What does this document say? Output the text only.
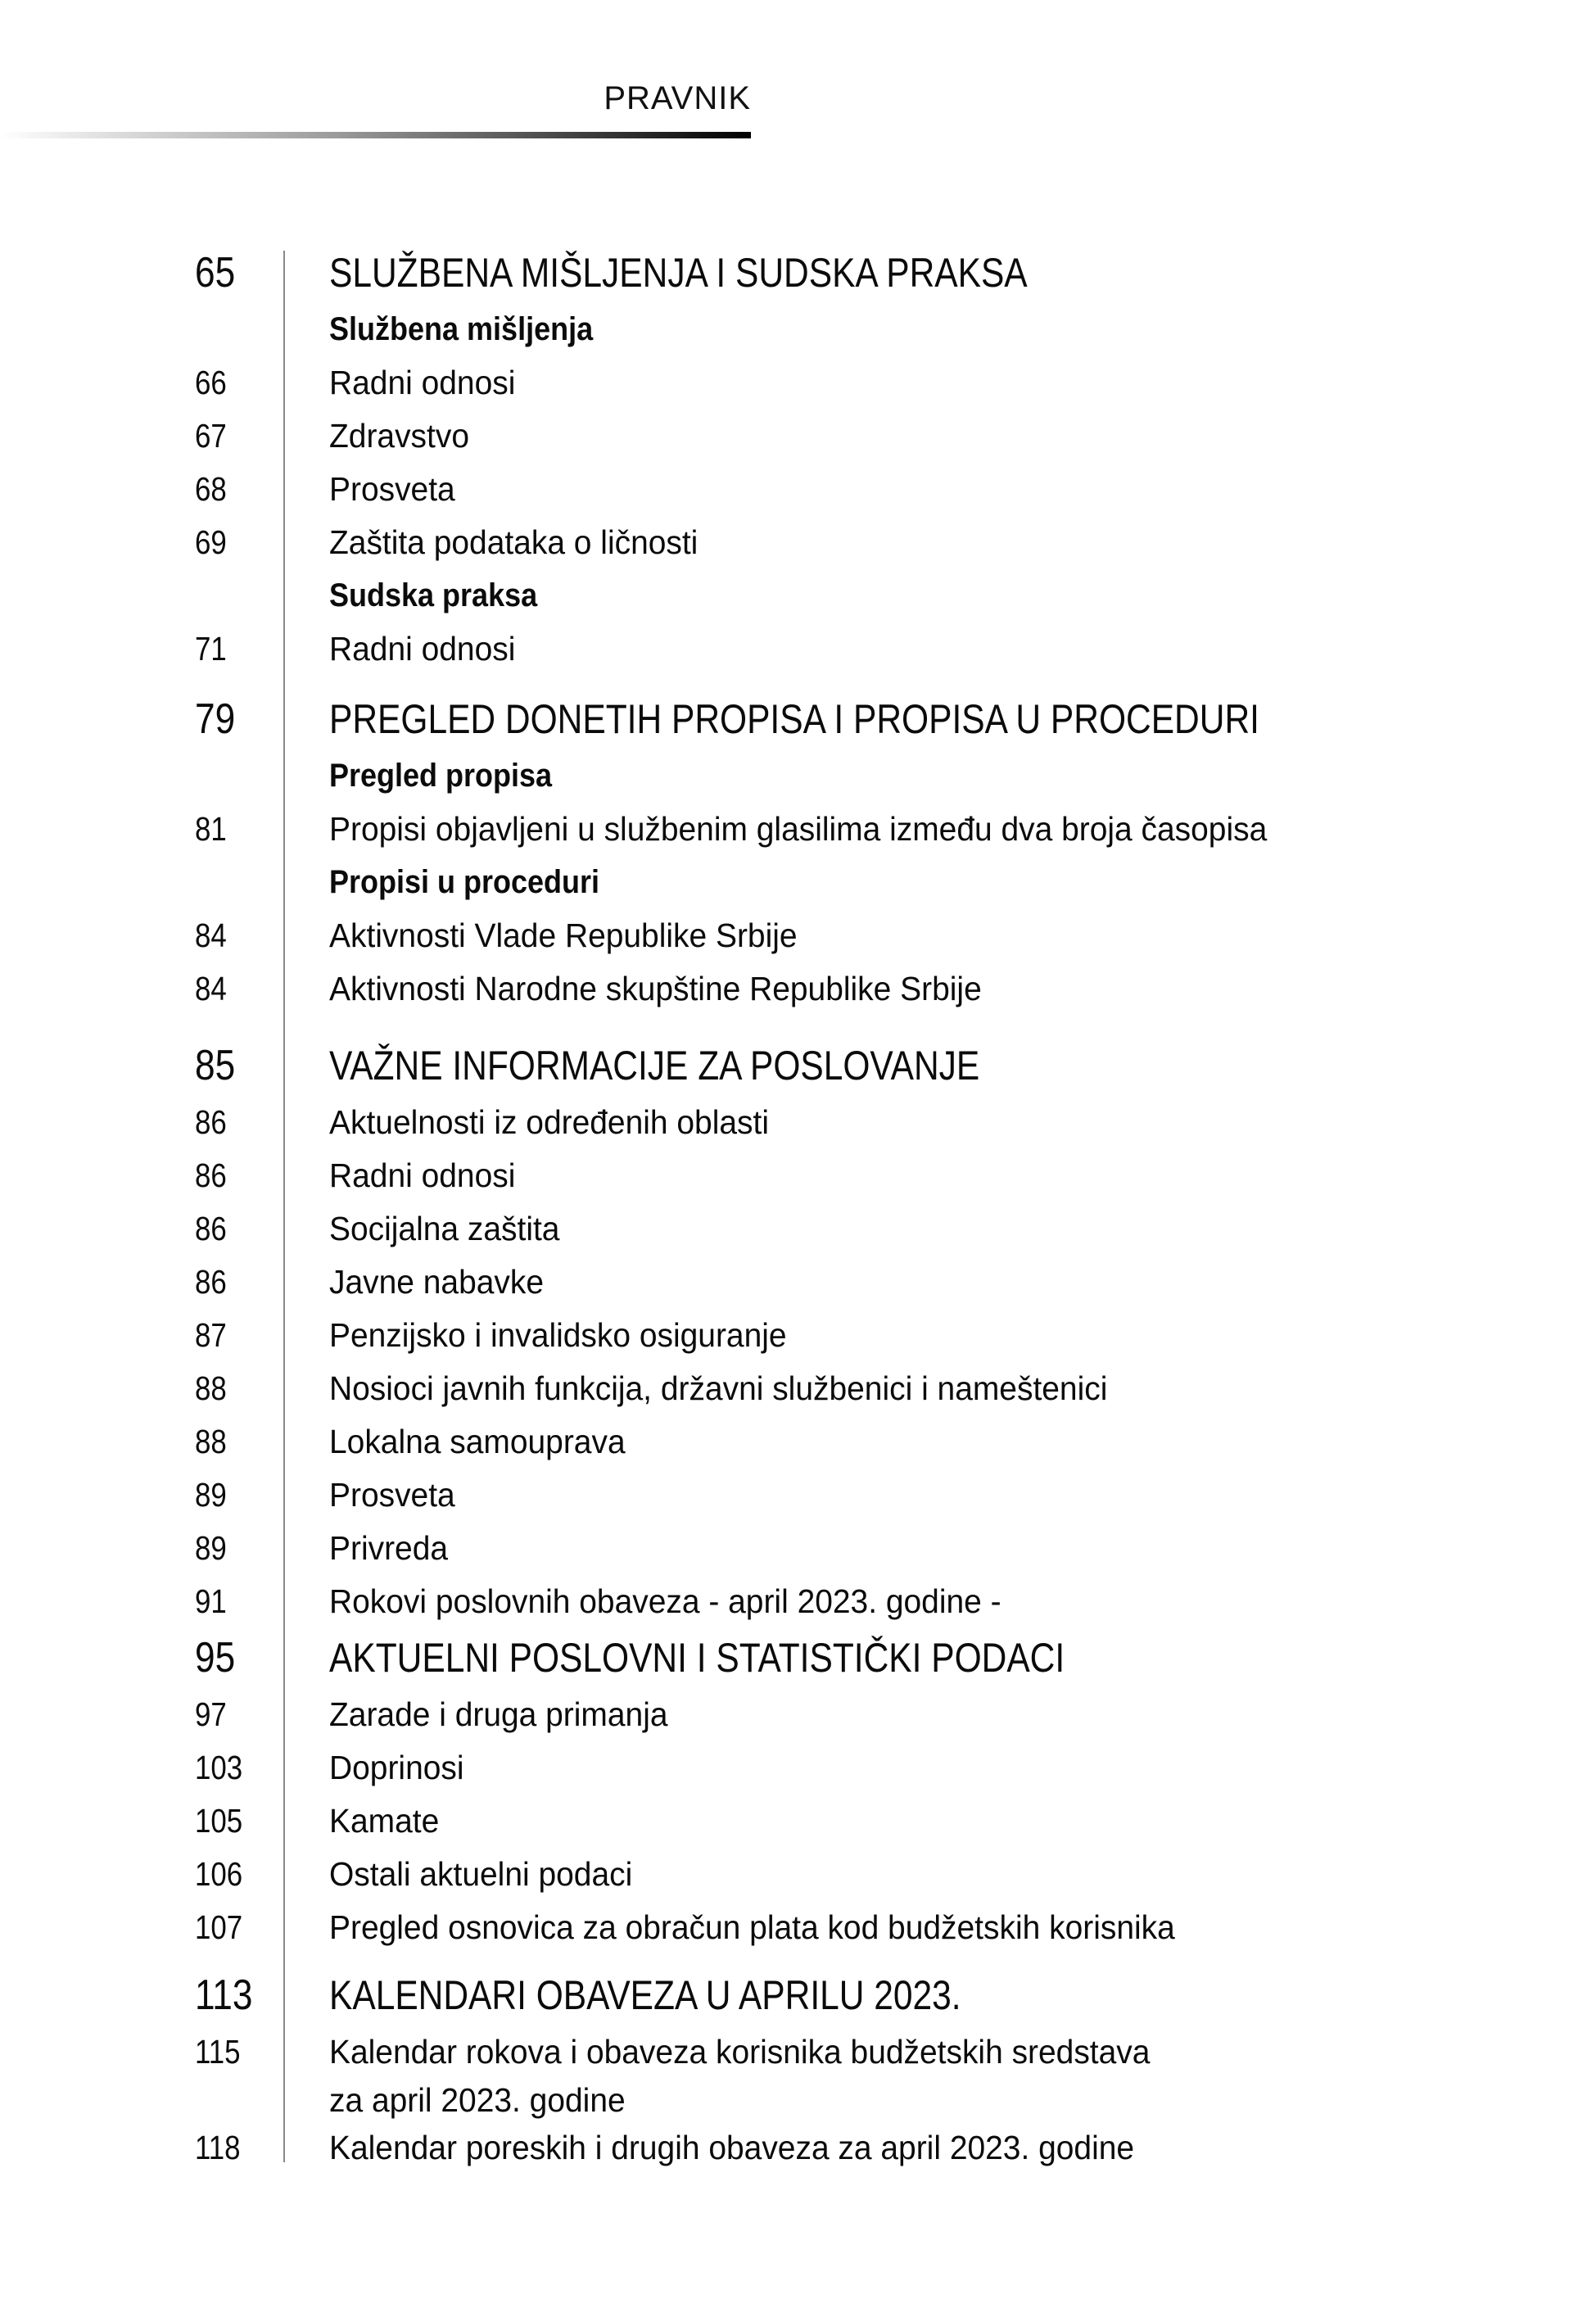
PRAVNIK
65	SLUŽBENA MIŠLJENJA I SUDSKA PRAKSA
Službena mišljenja
66	Radni odnosi
67	Zdravstvo
68	Prosveta
69	Zaštita podataka o ličnosti
Sudska praksa
71	Radni odnosi
79	PREGLED DONETIH PROPISA I PROPISA U PROCEDURI
Pregled propisa
81	Propisi objavljeni u službenim glasilima između dva broja časopisa
Propisi u proceduri
84	Aktivnosti Vlade Republike Srbije
84	Aktivnosti Narodne skupštine Republike Srbije
85	VAŽNE INFORMACIJE ZA POSLOVANJE
86	Aktuelnosti iz određenih oblasti
86	Radni odnosi
86	Socijalna zaštita
86	Javne nabavke
87	Penzijsko i invalidsko osiguranje
88	Nosioci javnih funkcija, državni službenici i nameštenici
88	Lokalna samouprava
89	Prosveta
89	Privreda
91	Rokovi poslovnih obaveza - april 2023. godine -
95	AKTUELNI POSLOVNI I STATISTIČKI PODACI
97	Zarade i druga primanja
103	Doprinosi
105	Kamate
106	Ostali aktuelni podaci
107	Pregled osnovica za obračun plata kod budžetskih korisnika
113	KALENDARI OBAVEZA U APRILU 2023.
115	Kalendar rokova i obaveza korisnika budžetskih sredstava
za april 2023. godine
118	Kalendar poreskih i drugih obaveza za april 2023. godine
